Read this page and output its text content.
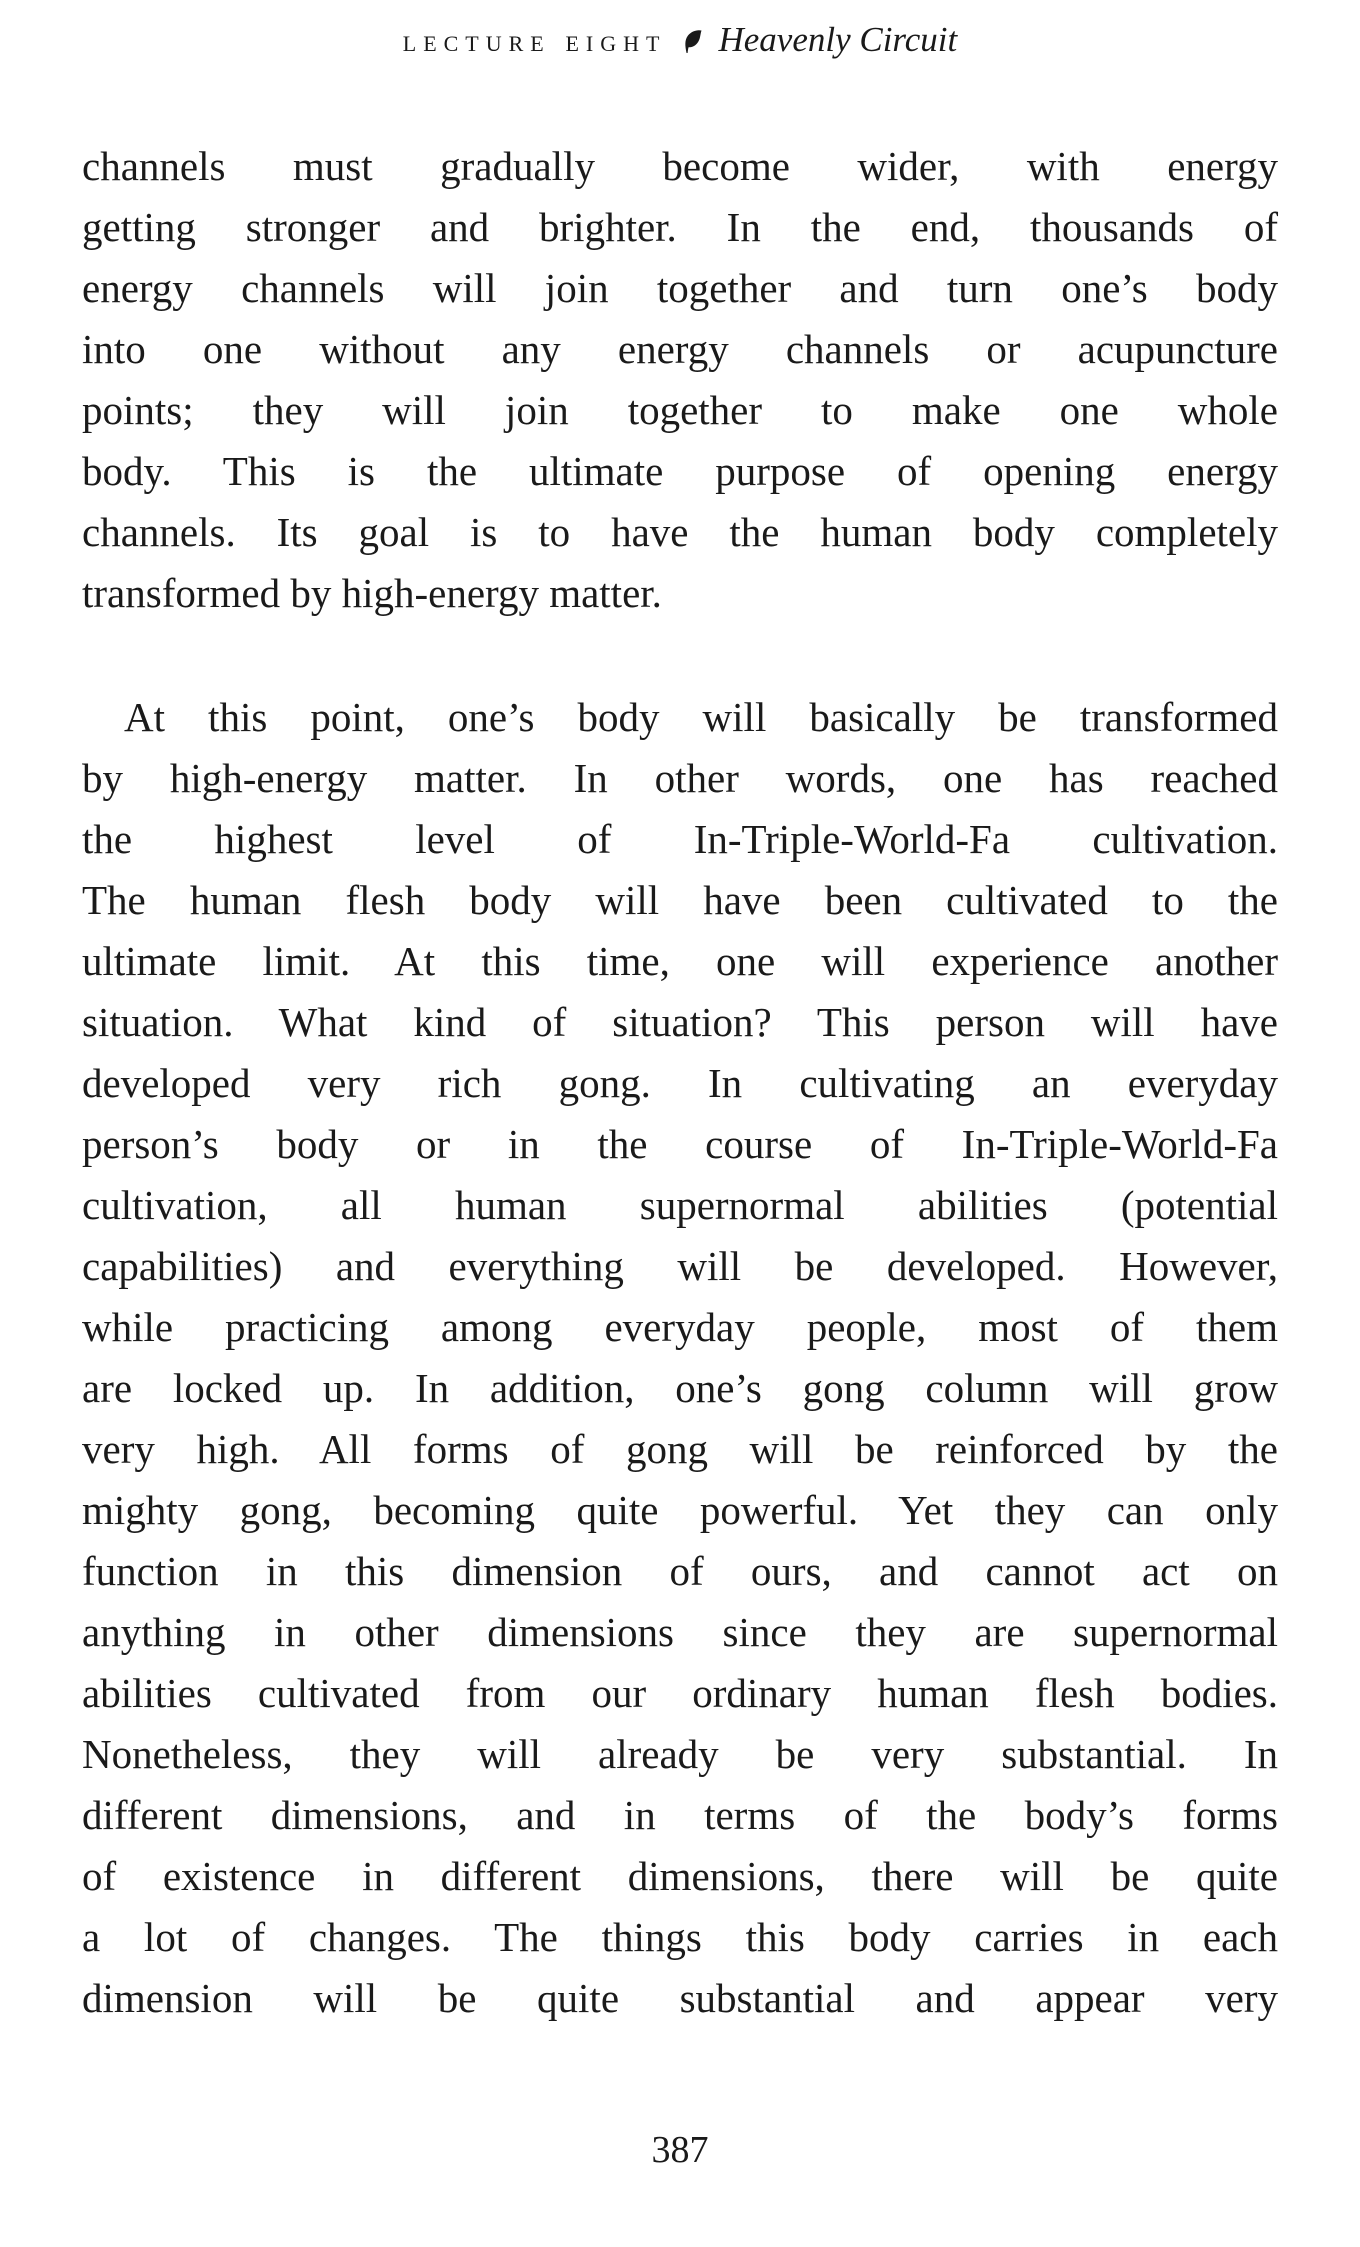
lecture eight Heavenly Circuit
channels must gradually become wider, with energy
getting stronger and brighter. In the end, thousands of
energy channels will join together and turn one’s body
into one without any energy channels or acupuncture
points; they will join together to make one whole
body. This is the ultimate purpose of opening energy
channels. Its goal is to have the human body completely
transformed by high-energy matter.
At this point, one’s body will basically be transformed
by high-energy matter. In other words, one has reached
the highest level of In-Triple-World-Fa cultivation.
The human flesh body will have been cultivated to the
ultimate limit. At this time, one will experience another
situation. What kind of situation? This person will have
developed very rich gong. In cultivating an everyday
person’s body or in the course of In-Triple-World-Fa
cultivation, all human supernormal abilities (potential
capabilities) and everything will be developed. However,
while practicing among everyday people, most of them
are locked up. In addition, one’s gong column will grow
very high. All forms of gong will be reinforced by the
mighty gong, becoming quite powerful. Yet they can only
function in this dimension of ours, and cannot act on
anything in other dimensions since they are supernormal
abilities cultivated from our ordinary human flesh bodies.
Nonetheless, they will already be very substantial. In
different dimensions, and in terms of the body’s forms
of existence in different dimensions, there will be quite
a lot of changes. The things this body carries in each
dimension will be quite substantial and appear very
387
